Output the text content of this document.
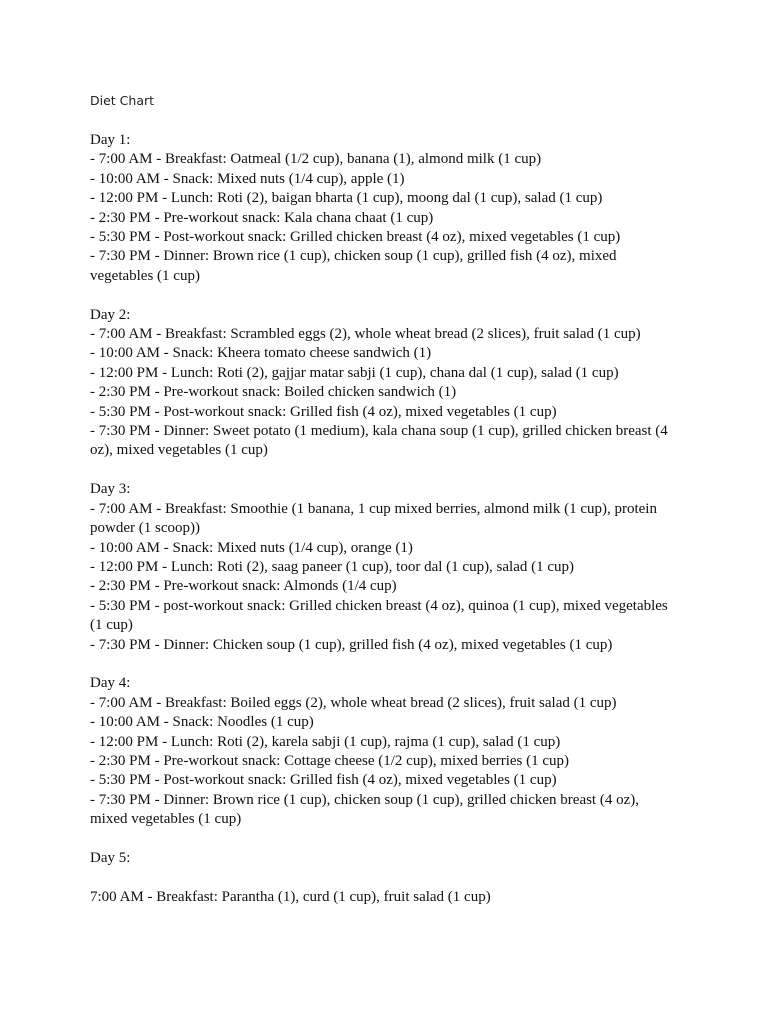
Diet Chart
Day 1:
- 7:00 AM - Breakfast: Oatmeal (1/2 cup), banana (1), almond milk (1 cup)
- 10:00 AM - Snack: Mixed nuts (1/4 cup), apple (1)
- 12:00 PM - Lunch: Roti (2), baigan bharta (1 cup), moong dal (1 cup), salad (1 cup)
- 2:30 PM - Pre-workout snack: Kala chana chaat (1 cup)
- 5:30 PM - Post-workout snack: Grilled chicken breast (4 oz), mixed vegetables (1 cup)
- 7:30 PM - Dinner: Brown rice (1 cup), chicken soup (1 cup), grilled fish (4 oz), mixed vegetables (1 cup)
Day 2:
- 7:00 AM - Breakfast: Scrambled eggs (2), whole wheat bread (2 slices), fruit salad (1 cup)
- 10:00 AM - Snack: Kheera tomato cheese sandwich (1)
- 12:00 PM - Lunch: Roti (2), gajjar matar sabji (1 cup), chana dal (1 cup), salad (1 cup)
- 2:30 PM - Pre-workout snack: Boiled chicken sandwich (1)
- 5:30 PM - Post-workout snack: Grilled fish (4 oz), mixed vegetables (1 cup)
- 7:30 PM - Dinner: Sweet potato (1 medium), kala chana soup (1 cup), grilled chicken breast (4 oz), mixed vegetables (1 cup)
Day 3:
- 7:00 AM - Breakfast: Smoothie (1 banana, 1 cup mixed berries, almond milk (1 cup), protein powder (1 scoop))
- 10:00 AM - Snack: Mixed nuts (1/4 cup), orange (1)
- 12:00 PM - Lunch: Roti (2), saag paneer (1 cup), toor dal (1 cup), salad (1 cup)
- 2:30 PM - Pre-workout snack: Almonds (1/4 cup)
- 5:30 PM - post-workout snack: Grilled chicken breast (4 oz), quinoa (1 cup), mixed vegetables (1 cup)
- 7:30 PM - Dinner: Chicken soup (1 cup), grilled fish (4 oz), mixed vegetables (1 cup)
Day 4:
- 7:00 AM - Breakfast: Boiled eggs (2), whole wheat bread (2 slices), fruit salad (1 cup)
- 10:00 AM - Snack: Noodles (1 cup)
- 12:00 PM - Lunch: Roti (2), karela sabji (1 cup), rajma (1 cup), salad (1 cup)
- 2:30 PM - Pre-workout snack: Cottage cheese (1/2 cup), mixed berries (1 cup)
- 5:30 PM - Post-workout snack: Grilled fish (4 oz), mixed vegetables (1 cup)
- 7:30 PM - Dinner: Brown rice (1 cup), chicken soup (1 cup), grilled chicken breast (4 oz), mixed vegetables (1 cup)
Day 5:
7:00 AM - Breakfast: Parantha (1), curd (1 cup), fruit salad (1 cup)
